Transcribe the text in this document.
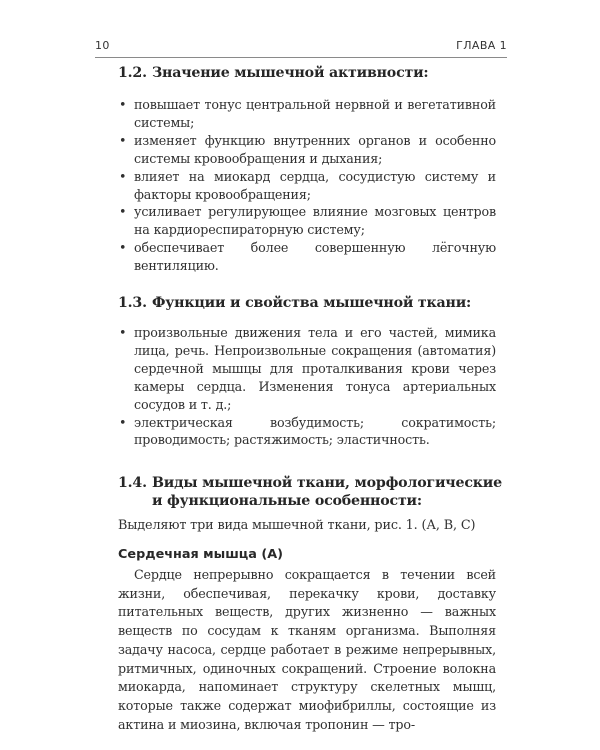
10	ГЛАВА 1
1.2. Значение мышечной активности:
• повышает тонус центральной нервной и вегетативной системы;
• изменяет функцию внутренних органов и особенно системы кровообращения и дыхания;
• влияет на миокард сердца, сосудистую систему и факторы кровообращения;
• усиливает регулирующее влияние мозговых центров на кардиореспираторную систему;
• обеспечивает более совершенную лёгочную вентиляцию.
1.3. Функции и свойства мышечной ткани:
• произвольные движения тела и его частей, мимика лица, речь. Непроизвольные сокращения (автоматия) сердечной мышцы для проталкивания крови через камеры сердца. Изменения тонуса артериальных сосудов и т. д.;
• электрическая возбудимость; сократимость; проводимость; растяжимость; эластичность.
1.4. Виды мышечной ткани, морфологические
и функциональные особенности:

Выделяют три вида мышечной ткани, рис. 1. (А, В, С)

Сердечная мышца (А)

Сердце непрерывно сокращается в течении всей жизни, обеспечивая, перекачку крови, доставку питательных веществ, других жизненно — важных веществ по сосудам к тканям организма. Выполняя задачу насоса, сердце работает в режиме непрерывных, ритмичных, одиночных сокращений. Строение волокна миокарда, напоминает структуру скелетных мышц, которые также содержат миофибриллы, состоящие из актина и миозина, включая тропонин — тро-
